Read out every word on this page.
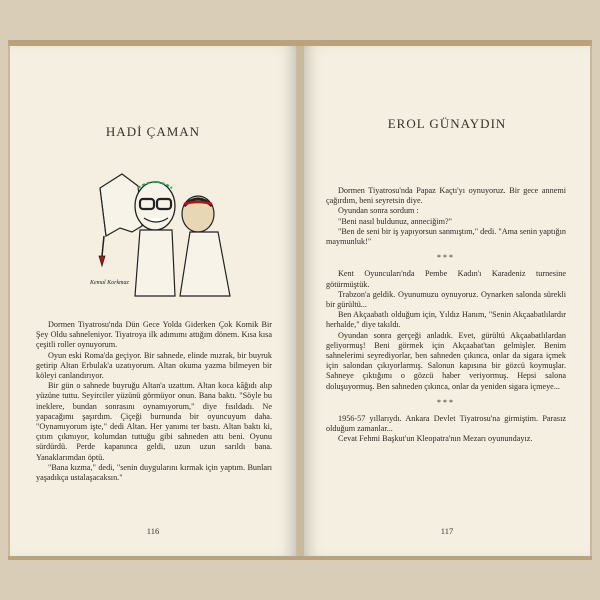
HADİ ÇAMAN
Kemal Korkmaz

Dormen Tiyatrosu'nda Dün Gece Yolda Giderken Çok Komik Bir Şey Oldu sahneleniyor. Tiyatroya ilk adımımı attığım dönem. Kısa kısa çeşitli roller oynuyorum.

Oyun eski Roma'da geçiyor. Bir sahnede, elinde mızrak, bir buyruk getirip Altan Erbulak'a uzatıyorum. Altan okuma yazma bilmeyen bir köleyi canlandırıyor.

Bir gün o sahnede buyruğu Altan'a uzattım. Altan koca kâğıdı alıp yüzüne tuttu. Seyirciler yüzünü görmüyor onun. Bana baktı. "Söyle bu ineklere, bundan sonrasını oynamıyorum," diye fısıldadı. Ne yapacağımı şaşırdım. Çiçeği burnunda bir oyuncuyum daha. "Oynamıyorum işte," dedi Altan. Her yanımı ter bastı. Altan baktı ki, çıtım çıkmıyor, kolumdan tuttuğu gibi sahneden attı beni. Oyunu sürdürdü. Perde kapanınca geldi, uzun uzun sarıldı bana. Yanaklarımdan öptü.

"Bana kızma," dedi, "senin duygularını kırmak için yaptım. Bunları yaşadıkça ustalaşacaksın."

116
EROL GÜNAYDIN

Dormen Tiyatrosu'nda Papaz Kaçtı'yı oynuyoruz. Bir gece annemi çağırdım, beni seyretsin diye.

Oyundan sonra sordum :

"Beni nasıl buldunuz, anneciğim?"

"Ben de seni bir iş yapıyorsun sanmıştım," dedi. "Ama senin yaptığın maymunluk!"

***

Kent Oyuncuları'nda Pembe Kadın'ı Karadeniz turnesine götürmüştük.

Trabzon'a geldik. Oyunumuzu oynuyoruz. Oynarken salonda sürekli bir gürültü...

Ben Akçaabatlı olduğum için, Yıldız Hanım, "Senin Akçaabatlılardır herhalde," diye takıldı.

Oyundan sonra gerçeği anladık. Evet, gürültü Akçaabatlılardan geliyormuş! Beni görmek için Akçaabat'tan gelmişler. Benim sahnelerimi seyrediyorlar, ben sahneden çıkınca, onlar da sigara içmek için salondan çıkıyorlarmış. Salonun kapısına bir gözcü koymuşlar. Sahneye çıktığımı o gözcü haber veriyormuş. Hepsi salona doluşuyormuş. Ben sahneden çıkınca, onlar da yeniden sigara içmeye...

***

1956-57 yıllarıydı. Ankara Devlet Tiyatrosu'na girmiştim. Parasız olduğum zamanlar...

Cevat Fehmi Başkut'un Kleopatra'nın Mezarı oyunundayız.

117
